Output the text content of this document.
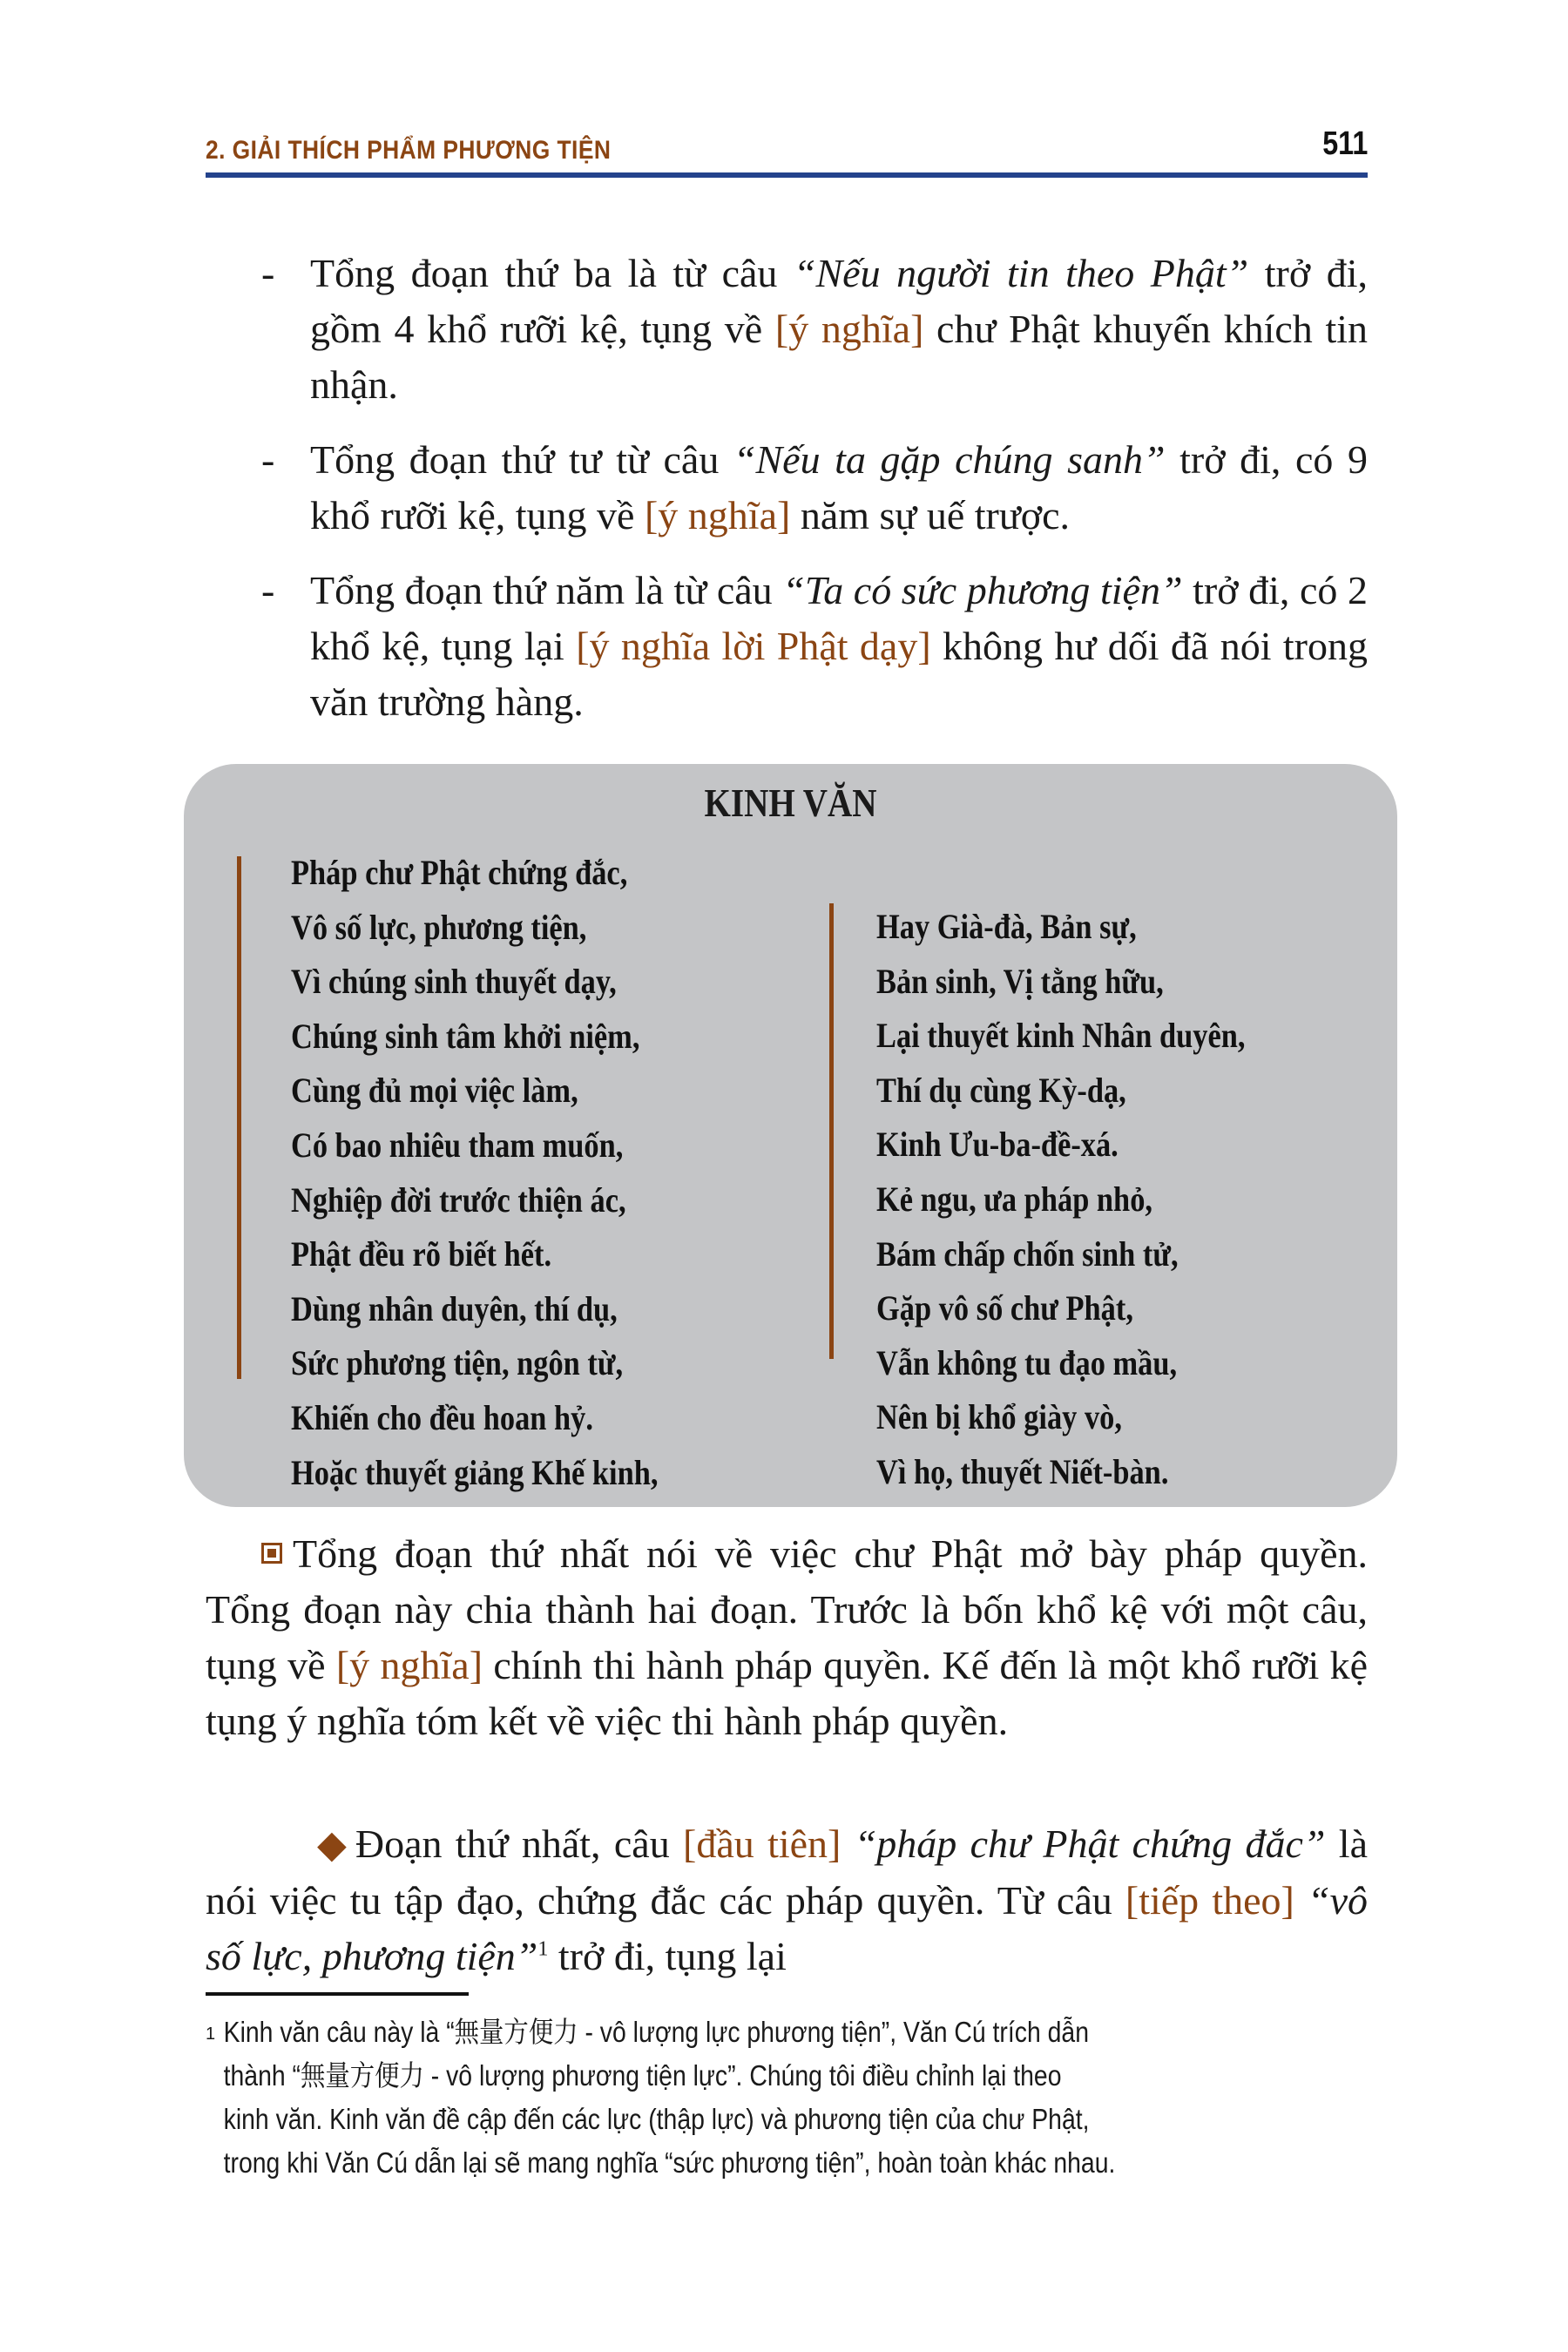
2. GIẢI THÍCH PHẨM PHƯƠNG TIỆN	511
- Tổng đoạn thứ ba là từ câu “Nếu người tin theo Phật” trở đi, gồm 4 khổ rưỡi kệ, tụng về [ý nghĩa] chư Phật khuyến khích tin nhận.
- Tổng đoạn thứ tư từ câu “Nếu ta gặp chúng sanh” trở đi, có 9 khổ rưỡi kệ, tụng về [ý nghĩa] năm sự uế trược.
- Tổng đoạn thứ năm là từ câu “Ta có sức phương tiện” trở đi, có 2 khổ kệ, tụng lại [ý nghĩa lời Phật dạy] không hư dối đã nói trong văn trường hàng.
KINH VĂN
Pháp chư Phật chứng đắc,
Vô số lực, phương tiện,
Vì chúng sinh thuyết dạy,
Chúng sinh tâm khởi niệm,
Cùng đủ mọi việc làm,
Có bao nhiêu tham muốn,
Nghiệp đời trước thiện ác,
Phật đều rõ biết hết.
Dùng nhân duyên, thí dụ,
Sức phương tiện, ngôn từ,
Khiến cho đều hoan hỷ.
Hoặc thuyết giảng Khế kinh,
Hay Già-đà, Bản sự,
Bản sinh, Vị tằng hữu,
Lại thuyết kinh Nhân duyên,
Thí dụ cùng Kỳ-dạ,
Kinh Ưu-ba-đề-xá.
Kẻ ngu, ưa pháp nhỏ,
Bám chấp chốn sinh tử,
Gặp vô số chư Phật,
Vẫn không tu đạo mầu,
Nên bị khổ giày vò,
Vì họ, thuyết Niết-bàn.
Tổng đoạn thứ nhất nói về việc chư Phật mở bày pháp quyền. Tổng đoạn này chia thành hai đoạn. Trước là bốn khổ kệ với một câu, tụng về [ý nghĩa] chính thi hành pháp quyền. Kế đến là một khổ rưỡi kệ tụng ý nghĩa tóm kết về việc thi hành pháp quyền.
◆ Đoạn thứ nhất, câu [đầu tiên] “pháp chư Phật chứng đắc” là nói việc tu tập đạo, chứng đắc các pháp quyền. Từ câu [tiếp theo] “vô số lực, phương tiện”$^1$ trở đi, tụng lại
1 Kinh văn câu này là “無量方便力 - vô lượng lực phương tiện”, Văn Cú trích dẫn
thành “無量方便力 - vô lượng phương tiện lực”. Chúng tôi điều chỉnh lại theo
kinh văn. Kinh văn đề cập đến các lực (thập lực) và phương tiện của chư Phật,
trong khi Văn Cú dẫn lại sẽ mang nghĩa “sức phương tiện”, hoàn toàn khác nhau.
